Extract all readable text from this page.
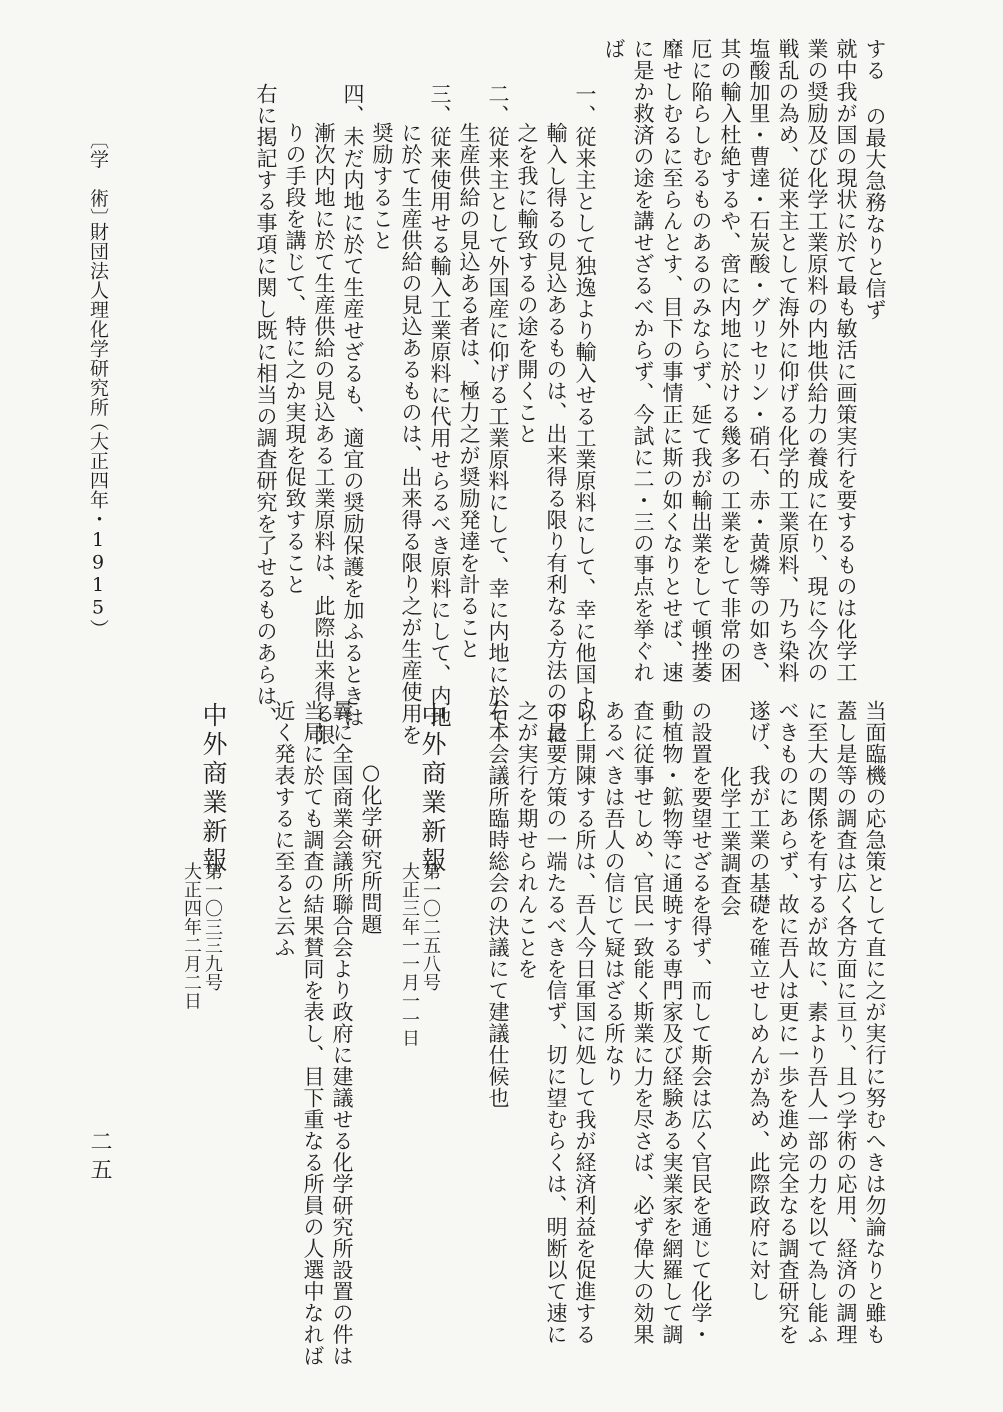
する の最大急務なりと信ず
就中我が国の現状に於て最も敏活に画策実行を要するものは化学工
業の奨励及び化学工業原料の内地供給力の養成に在り、現に今次の
戦乱の為め、従来主として海外に仰げる化学的工業原料、乃ち染料
塩酸加里・曹達・石炭酸・グリセリン・硝石、赤・黄燐等の如き、
其の輸入杜絶するや、啻に内地に於ける幾多の工業をして非常の困
厄に陥らしむるものあるのみならず、延て我が輸出業をして頓挫萎
靡せしむるに至らんとす、目下の事情正に斯の如くなりとせば、速
に是か救済の途を講せざるべからず、今試に二・三の事点を挙ぐれ
ば
一、従来主として独逸より輸入せる工業原料にして、幸に他国より
輸入し得るの見込あるものは、出来得る限り有利なる方法の下に
之を我に輸致するの途を開くこと
二、従来主として外国産に仰げる工業原料にして、幸に内地に於て
生産供給の見込ある者は、極力之が奨励発達を計ること
三、従来使用せる輸入工業原料に代用せらるべき原料にして、内地
に於て生産供給の見込あるものは、出来得る限り之が生産使用を
奨励すること
四、未だ内地に於て生産せざるも、適宜の奨励保護を加ふるときは
漸次内地に於て生産供給の見込ある工業原料は、此際出来得る限
りの手段を講じて、特に之か実現を促致すること
右に掲記する事項に関し既に相当の調査研究を了せるものあらは、
〔学　術〕
財団法人理化学研究所
（大正四年・1915）
当面臨機の応急策として直に之が実行に努むへきは勿論なりと雖も
蓋し是等の調査は広く各方面に亘り、且つ学術の応用、経済の調理
に至大の関係を有するが故に、素より吾人一部の力を以て為し能ふ
べきものにあらず、故に吾人は更に一歩を進め完全なる調査研究を
遂げ、我が工業の基礎を確立せしめんが為め、此際政府に対し
化学工業調査会
の設置を要望せざるを得ず、而して斯会は広く官民を通じて化学・
動植物・鉱物等に通暁する専門家及び経験ある実業家を網羅して調
査に従事せしめ、官民一致能く斯業に力を尽さば、必ず偉大の効果
あるべきは吾人の信じて疑はざる所なり
以上開陳する所は、吾人今日軍国に処して我が経済利益を促進する
の最要方策の一端たるべきを信ず、切に望むらくは、明断以て速に
之が実行を期せられんことを
右本会議所臨時総会の決議にて建議仕候也
中外商業新報
第一〇二五八号
大正三年一一月一一日
○化学研究所問題
曩に全国商業会議所聯合会より政府に建議せる化学研究所設置の件は
当局に於ても調査の結果賛同を表し、目下重なる所員の人選中なれば
近く発表するに至ると云ふ
中外商業新報
第一〇三三九号
大正四年二月二日
二五
